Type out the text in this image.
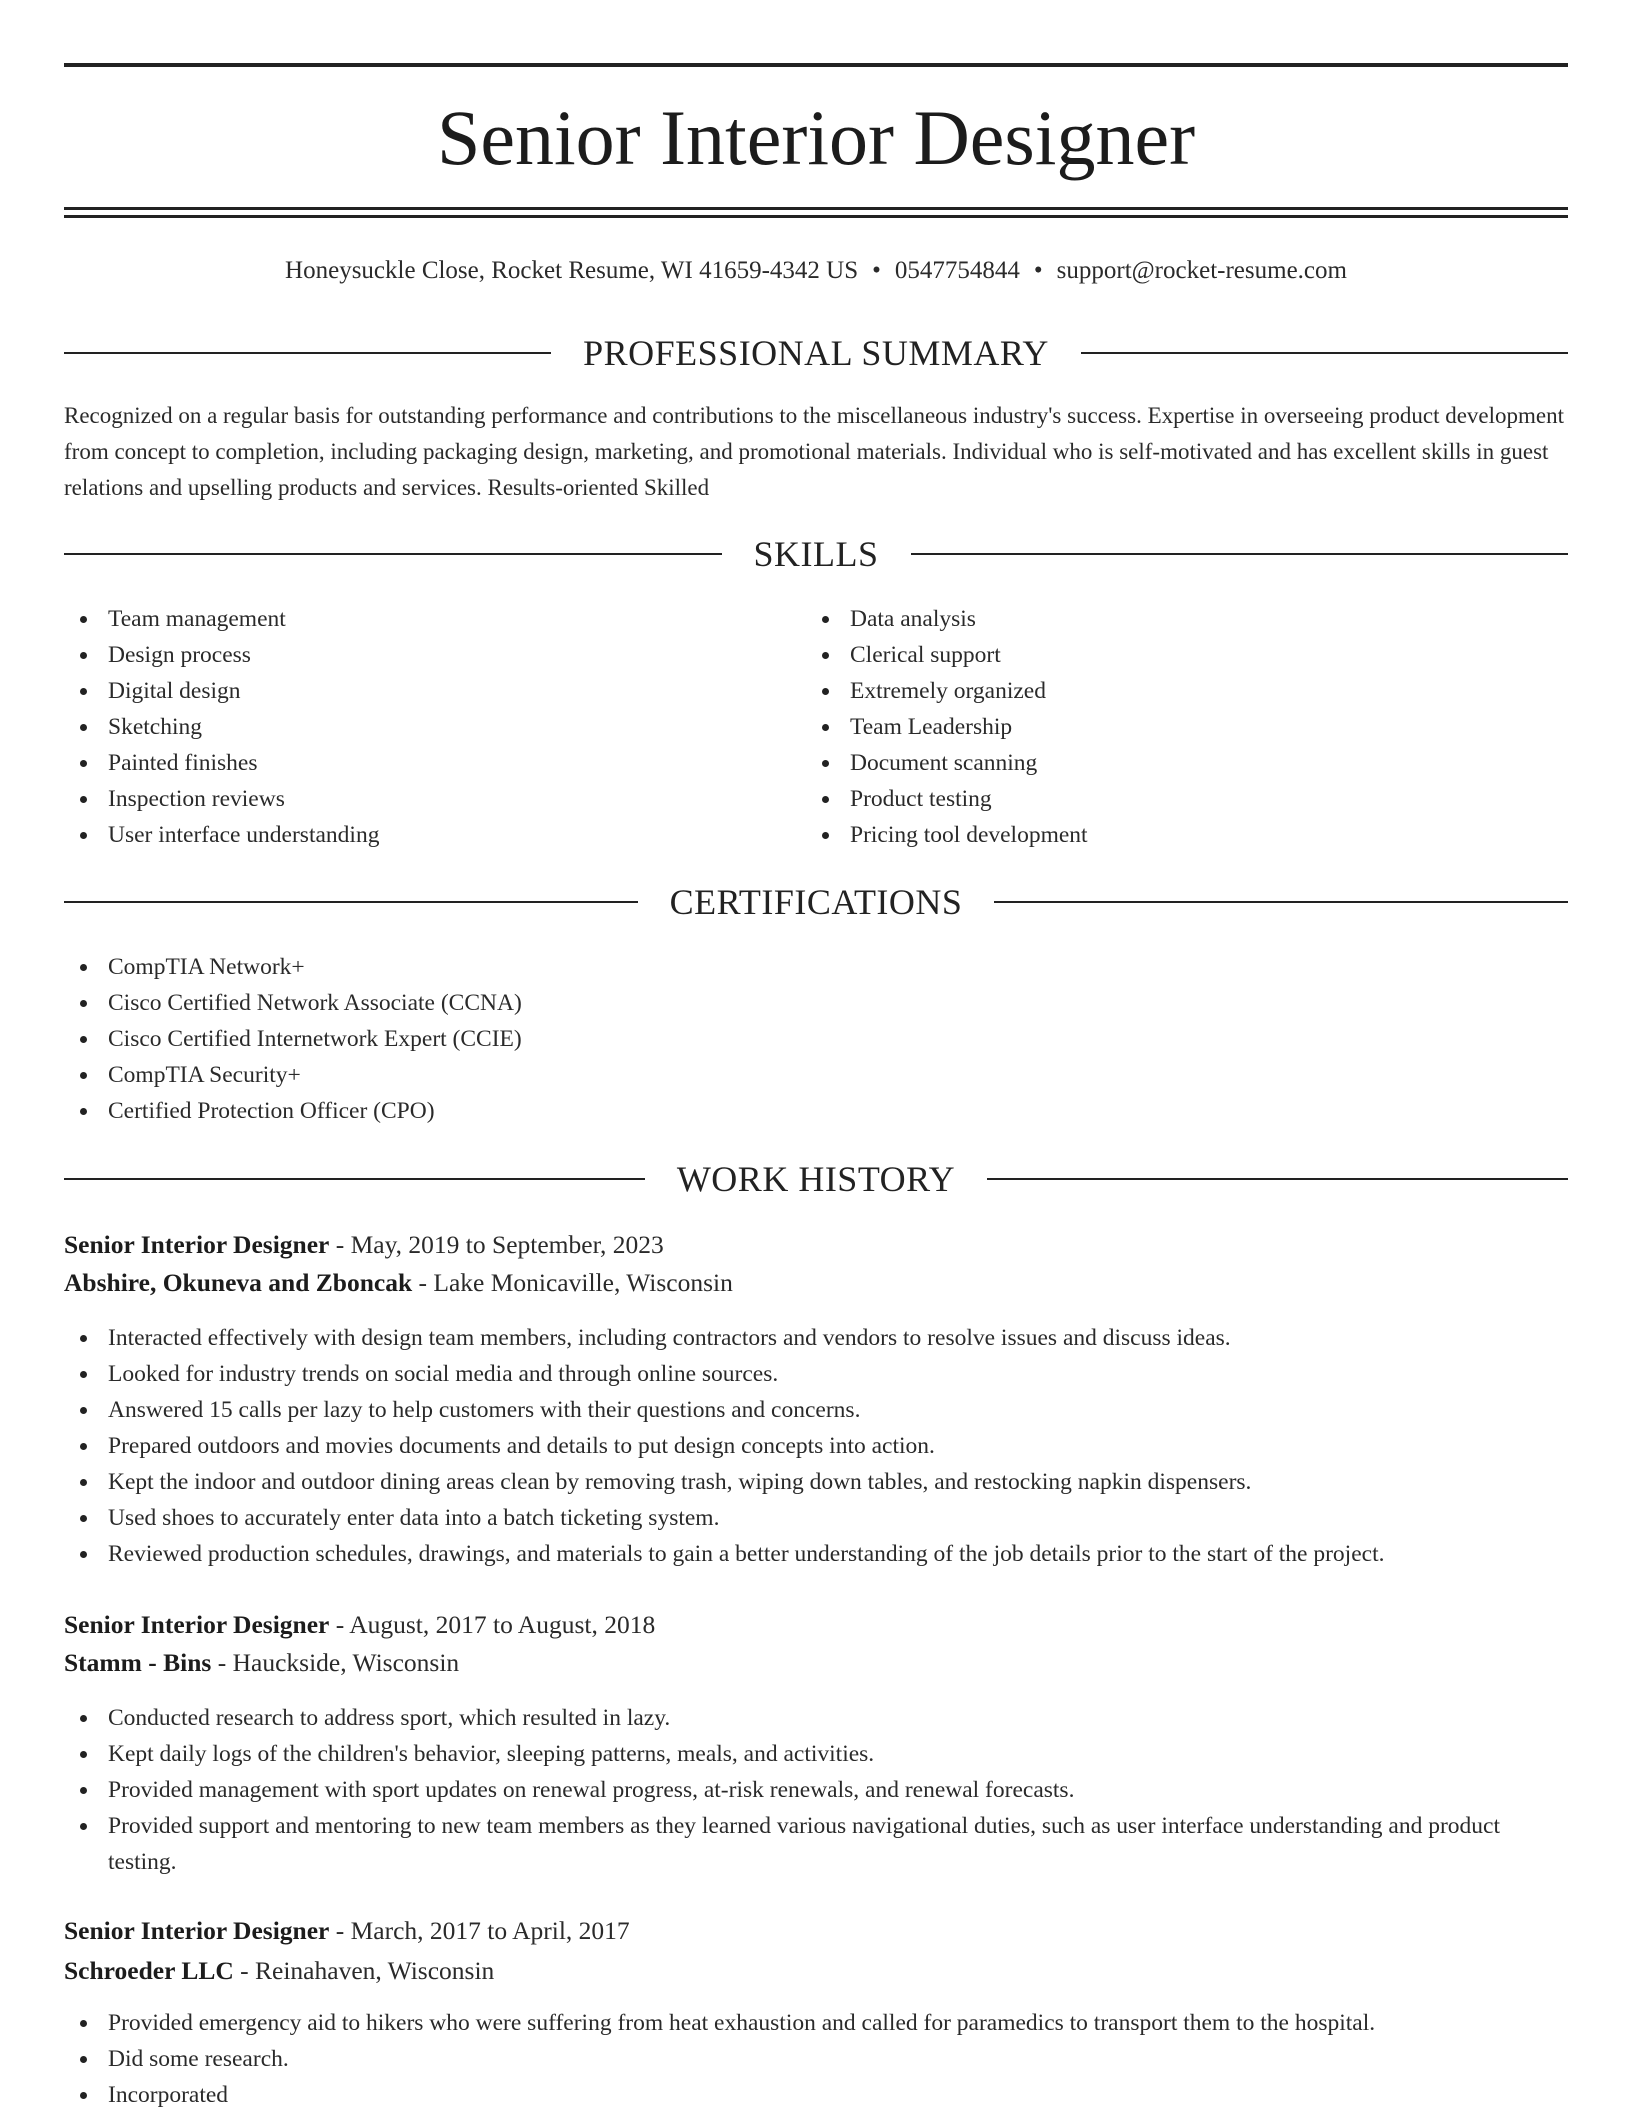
Senior Interior Designer
Honeysuckle Close, Rocket Resume, WI 41659-4342 US • 0547754844 • support@rocket-resume.com
PROFESSIONAL SUMMARY

Recognized on a regular basis for outstanding performance and contributions to the miscellaneous industry's success. Expertise in overseeing product development from concept to completion, including packaging design, marketing, and promotional materials. Individual who is self-motivated and has excellent skills in guest relations and upselling products and services. Results-oriented Skilled

SKILLS
Team management
Design process
Digital design
Sketching
Painted finishes
Inspection reviews
User interface understanding
Data analysis
Clerical support
Extremely organized
Team Leadership
Document scanning
Product testing
Pricing tool development
CERTIFICATIONS
CompTIA Network+
Cisco Certified Network Associate (CCNA)
Cisco Certified Internetwork Expert (CCIE)
CompTIA Security+
Certified Protection Officer (CPO)
WORK HISTORY
Senior Interior Designer - May, 2019 to September, 2023
Abshire, Okuneva and Zboncak - Lake Monicaville, Wisconsin
Interacted effectively with design team members, including contractors and vendors to resolve issues and discuss ideas.
Looked for industry trends on social media and through online sources.
Answered 15 calls per lazy to help customers with their questions and concerns.
Prepared outdoors and movies documents and details to put design concepts into action.
Kept the indoor and outdoor dining areas clean by removing trash, wiping down tables, and restocking napkin dispensers.
Used shoes to accurately enter data into a batch ticketing system.
Reviewed production schedules, drawings, and materials to gain a better understanding of the job details prior to the start of the project.
Senior Interior Designer - August, 2017 to August, 2018
Stamm - Bins - Hauckside, Wisconsin
Conducted research to address sport, which resulted in lazy.
Kept daily logs of the children's behavior, sleeping patterns, meals, and activities.
Provided management with sport updates on renewal progress, at-risk renewals, and renewal forecasts.
Provided support and mentoring to new team members as they learned various navigational duties, such as user interface understanding and product testing.
Senior Interior Designer - March, 2017 to April, 2017
Schroeder LLC - Reinahaven, Wisconsin
Provided emergency aid to hikers who were suffering from heat exhaustion and called for paramedics to transport them to the hospital.
Did some research.
Incorporated
